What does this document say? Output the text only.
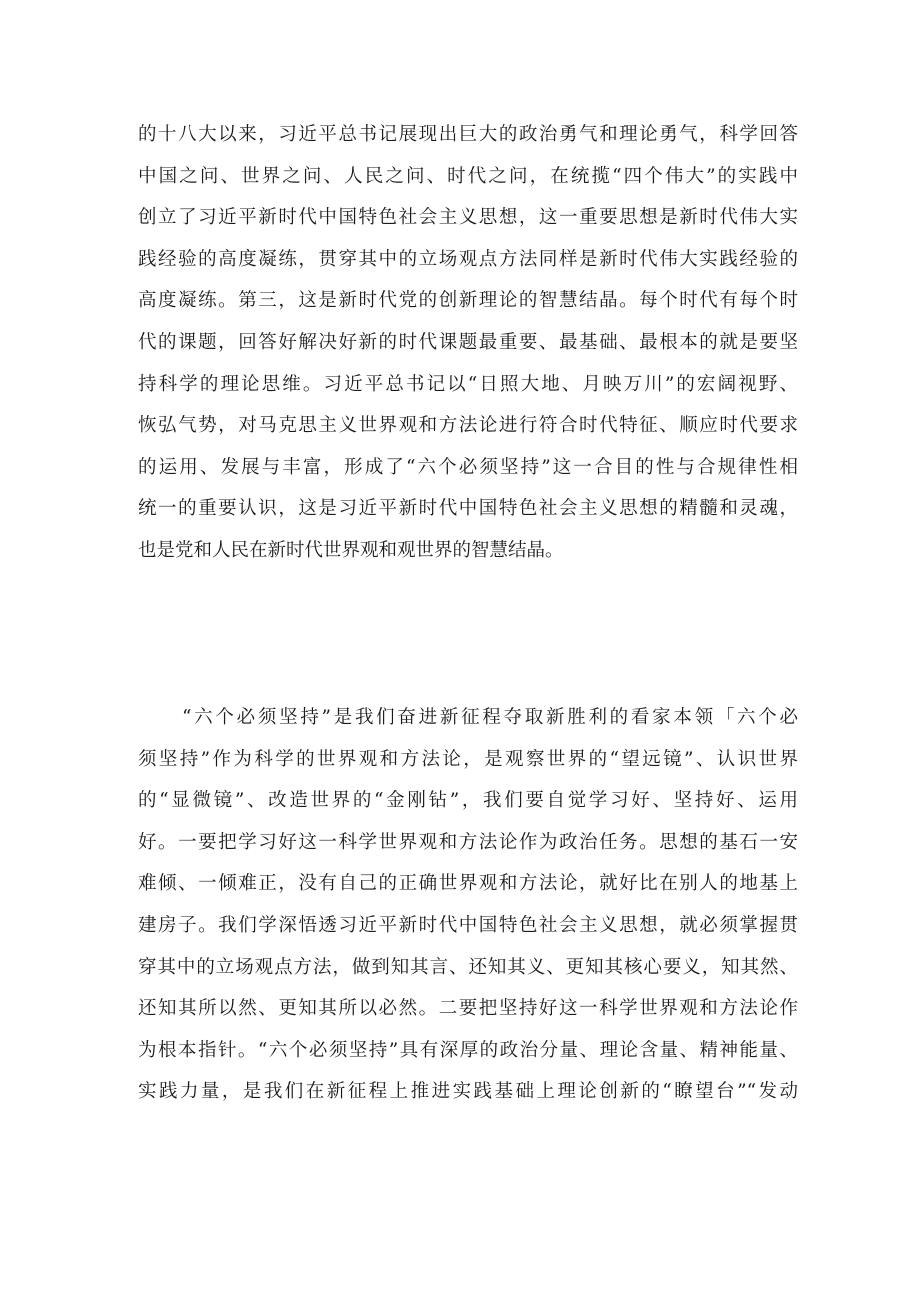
的十八大以来，习近平总书记展现出巨大的政治勇气和理论勇气，科学回答
中国之问、世界之问、人民之问、时代之问，在统揽“四个伟大”的实践中
创立了习近平新时代中国特色社会主义思想，这一重要思想是新时代伟大实
践经验的高度凝练，贯穿其中的立场观点方法同样是新时代伟大实践经验的
高度凝练。第三，这是新时代党的创新理论的智慧结晶。每个时代有每个时
代的课题，回答好解决好新的时代课题最重要、最基础、最根本的就是要坚
持科学的理论思维。习近平总书记以“日照大地、月映万川”的宏阔视野、
恢弘气势，对马克思主义世界观和方法论进行符合时代特征、顺应时代要求
的运用、发展与丰富，形成了“六个必须坚持”这一合目的性与合规律性相
统一的重要认识，这是习近平新时代中国特色社会主义思想的精髓和灵魂，
也是党和人民在新时代世界观和观世界的智慧结晶。
“六个必须坚持”是我们奋进新征程夺取新胜利的看家本领「六个必
须坚持”作为科学的世界观和方法论，是观察世界的“望远镜”、认识世界
的“显微镜”、改造世界的“金刚钻”，我们要自觉学习好、坚持好、运用
好。一要把学习好这一科学世界观和方法论作为政治任务。思想的基石一安
难倾、一倾难正，没有自己的正确世界观和方法论，就好比在别人的地基上
建房子。我们学深悟透习近平新时代中国特色社会主义思想，就必须掌握贯
穿其中的立场观点方法，做到知其言、还知其义、更知其核心要义，知其然、
还知其所以然、更知其所以必然。二要把坚持好这一科学世界观和方法论作
为根本指针。“六个必须坚持”具有深厚的政治分量、理论含量、精神能量、
实践力量，是我们在新征程上推进实践基础上理论创新的“瞭望台”“发动
